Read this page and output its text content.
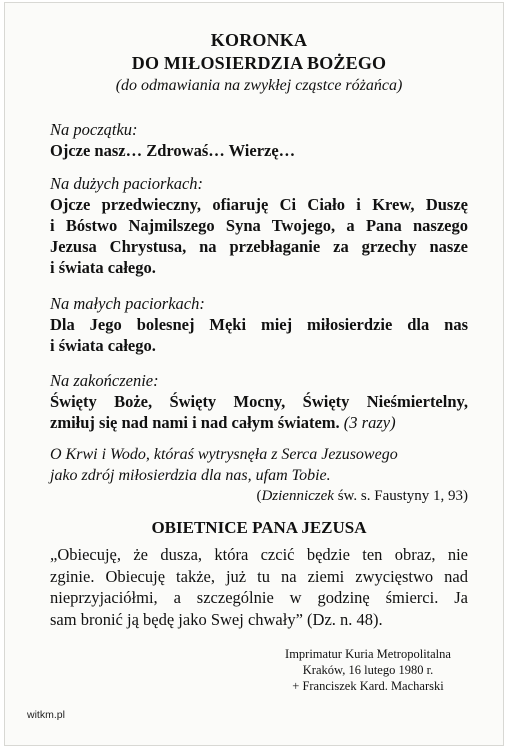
KORONKA
DO MIŁOSIERDZIA BOŻEGO
(do odmawiania na zwykłej cząstce różańca)
Na początku:
Ojcze nasz… Zdrowaś… Wierzę…
Na dużych paciorkach:
Ojcze przedwieczny, ofiaruję Ci Ciało i Krew, Duszę
i Bóstwo Najmilszego Syna Twojego, a Pana naszego
Jezusa Chrystusa, na przebłaganie za grzechy nasze
i świata całego.
Na małych paciorkach:
Dla Jego bolesnej Męki miej miłosierdzie dla nas
i świata całego.
Na zakończenie:
Święty Boże, Święty Mocny, Święty Nieśmiertelny,
zmiłuj się nad nami i nad całym światem. (3 razy)
O Krwi i Wodo, któraś wytrysnęła z Serca Jezusowego
jako zdrój miłosierdzia dla nas, ufam Tobie.
(Dzienniczek św. s. Faustyny 1, 93)
OBIETNICE PANA JEZUSA
„Obiecuję, że dusza, która czcić będzie ten obraz, nie
zginie. Obiecuję także, już tu na ziemi zwycięstwo nad
nieprzyjaciółmi, a szczególnie w godzinę śmierci. Ja
sam bronić ją będę jako Swej chwały” (Dz. n. 48).
Imprimatur Kuria Metropolitalna
Kraków, 16 lutego 1980 r.
+ Franciszek Kard. Macharski
witkm.pl
